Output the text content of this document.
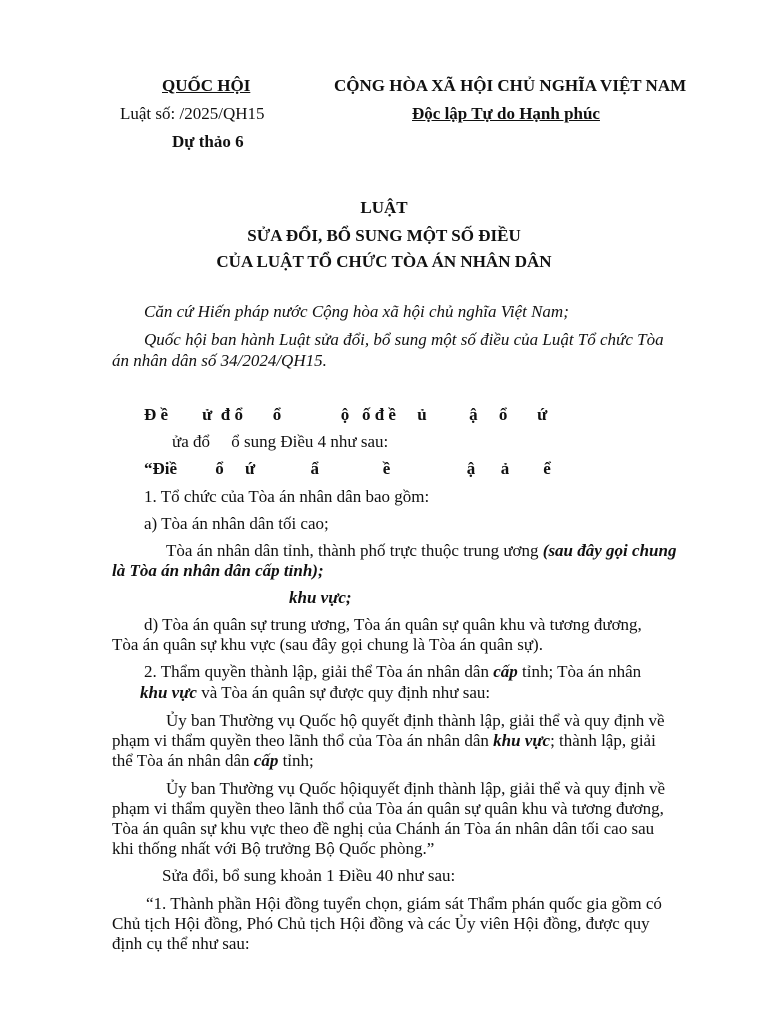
QUỐC HỘI	CỘNG HÒA XÃ HỘI CHỦ NGHĨA VIỆT NAM
Luật số: /2025/QH15	Độc lập Tự do Hạnh phúc
Dự thảo 6
LUẬT
SỬA ĐỔI, BỔ SUNG MỘT SỐ ĐIỀU
CỦA LUẬT TỔ CHỨC TÒA ÁN NHÂN DÂN
Căn cứ Hiến pháp nước Cộng hòa xã hội chủ nghĩa Việt Nam;
Quốc hội ban hành Luật sửa đổi, bổ sung một số điều của Luật Tổ chức Tòa
án nhân dân số 34/2024/QH15.
Đ ề        ử  đ ổ       ổ              ộ   ố đ ề     ủ          ậ     ổ       ứ
ửa đổ     ổ sung Điều 4 như sau:
“Điề         ổ     ứ             ẩ               ề                  ậ      ả        ể
1. Tổ chức của Tòa án nhân dân bao gồm:
a) Tòa án nhân dân tối cao;
Tòa án nhân dân tỉnh, thành phố trực thuộc trung ương (sau đây gọi chung
là Tòa án nhân dân cấp tỉnh);
khu vực;
d) Tòa án quân sự trung ương, Tòa án quân sự quân khu và tương đương,
Tòa án quân sự khu vực (sau đây gọi chung là Tòa án quân sự).
2. Thẩm quyền thành lập, giải thể Tòa án nhân dân cấp tỉnh; Tòa án nhân
khu vực và Tòa án quân sự được quy định như sau:
Ủy ban Thường vụ Quốc hộ quyết định thành lập, giải thể và quy định về
phạm vi thẩm quyền theo lãnh thổ của Tòa án nhân dân khu vực; thành lập, giải
thể Tòa án nhân dân cấp tỉnh;
Ủy ban Thường vụ Quốc hộiquyết định thành lập, giải thể và quy định về
phạm vi thẩm quyền theo lãnh thổ của Tòa án quân sự quân khu và tương đương,
Tòa án quân sự khu vực theo đề nghị của Chánh án Tòa án nhân dân tối cao sau
khi thống nhất với Bộ trưởng Bộ Quốc phòng.”
Sửa đổi, bổ sung khoản 1 Điều 40 như sau:
“1. Thành phần Hội đồng tuyển chọn, giám sát Thẩm phán quốc gia gồm có
Chủ tịch Hội đồng, Phó Chủ tịch Hội đồng và các Ủy viên Hội đồng, được quy
định cụ thể như sau:
